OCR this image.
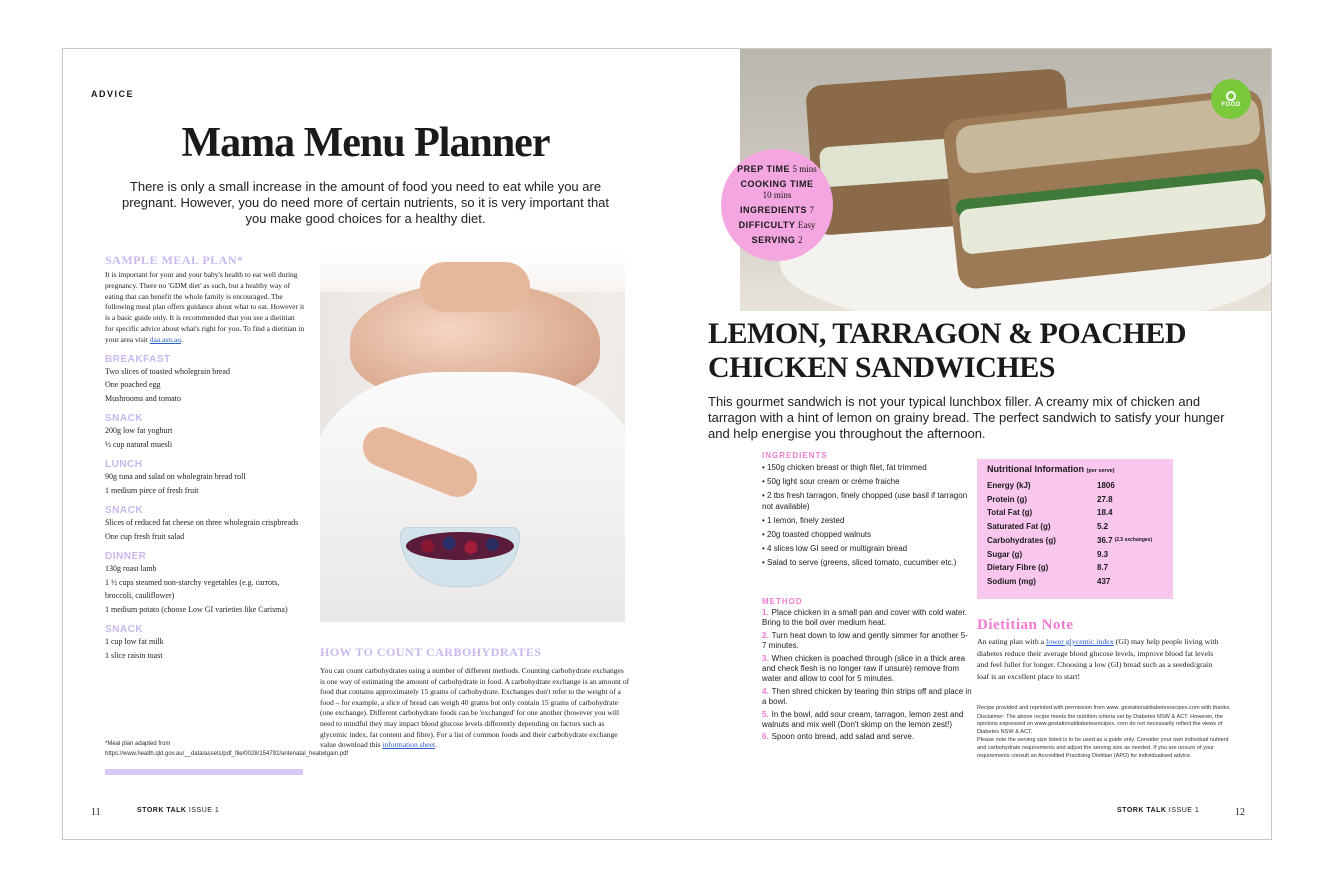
ADVICE
Mama Menu Planner

There is only a small increase in the amount of food you need to eat while you are pregnant. However, you do need more of certain nutrients, so it is very important that you make good choices for a healthy diet.

SAMPLE MEAL PLAN*

It is important for your and your baby's health to eat well during pregnancy. There no 'GDM diet' as such, but a healthy way of eating that can benefit the whole family is encouraged. The following meal plan offers guidance about what to eat. However it is a basic guide only. It is recommended that you see a dietitian for specific advice about what's right for you. To find a dietitian in your area visit daa.asn.au.

BREAKFAST
Two slices of toasted wholegrain bread
One poached egg
Mushrooms and tomato
SNACK
200g low fat yoghurt
½ cup natural muesli
LUNCH
90g tuna and salad on wholegrain bread roll
1 medium piece of fresh fruit
SNACK
Slices of reduced fat cheese on three wholegrain crispbreads
One cup fresh fruit salad
DINNER
130g roast lamb
1 ½ cups steamed non-starchy vegetables (e.g. carrots, broccoli, cauliflower)
1 medium potato (choose Low GI varieties like Carisma)
SNACK
1 cup low fat milk
1 slice raisin toast
*Meal plan adapted from https://www.health.qld.gov.au/__data/assets/pdf_file/0028/154792/antenatal_heatwtgain.pdf
HOW TO COUNT CARBOHYDRATES

You can count carbohydrates using a number of different methods. Counting carbohydrate exchanges is one way of estimating the amount of carbohydrate in food. A carbohydrate exchange is an amount of food that contains approximately 15 grams of carbohydrate. Exchanges don't refer to the weight of a food – for example, a slice of bread can weigh 40 grams but only contain 15 grams of carbohydrate (one exchange). Different carbohydrate foods can be 'exchanged' for one another (however you will need to mindful they may impact blood glucose levels differently depending on factors such as glycemic index, fat content and fibre). For a list of common foods and their carbohydrate exchange value download this information sheet.

11	STORK TALK ISSUE 1
FOOD
PREP TIME 5 mins
COOKING TIME
10 mins
INGREDIENTS 7
DIFFICULTY Easy
SERVING 2
LEMON, TARRAGON & POACHED
CHICKEN SANDWICHES

This gourmet sandwich is not your typical lunchbox filler. A creamy mix of chicken and tarragon with a hint of lemon on grainy bread. The perfect sandwich to satisfy your hunger and help energise you throughout the afternoon.

INGREDIENTS
• 150g chicken breast or thigh filet, fat trimmed
• 50g light sour cream or crème fraiche
• 2 tbs fresh tarragon, finely chopped (use basil if tarragon not available)
• 1 lemon, finely zested
• 20g toasted chopped walnuts
• 4 slices low GI seed or multigrain bread
• Salad to serve (greens, sliced tomato, cucumber etc.)
Nutritional Information (per serve)
Energy (kJ)	1806
Protein (g)	27.8
Total Fat (g)	18.4
Saturated Fat (g)	5.2
Carbohydrates (g)	36.7 (2.5 exchanges)
Sugar (g)	9.3
Dietary Fibre (g)	8.7
Sodium (mg)	437
METHOD
1. Place chicken in a small pan and cover with cold water. Bring to the boil over medium heat.
2. Turn heat down to low and gently simmer for another 5-7 minutes.
3. When chicken is poached through (slice in a thick area and check flesh is no longer raw if unsure) remove from water and allow to cool for 5 minutes.
4. Then shred chicken by tearing thin strips off and place in a bowl.
5. In the bowl, add sour cream, tarragon, lemon zest and walnuts and mix well (Don't skimp on the lemon zest!)
6. Spoon onto bread, add salad and serve.
Dietitian Note

An eating plan with a lower glycemic index (GI) may help people living with diabetes reduce their average blood glucose levels, improve blood fat levels and feel fuller for longer. Choosing a low (GI) bread such as a seeded/grain loaf is an excellent place to start!

Recipe provided and reprinted with permission from www. gestationaldiabetesrecipes.com with thanks.

Disclaimer: The above recipe meets the nutrition criteria set by Diabetes NSW & ACT. However, the opinions expressed on www.gestationaldiabetesrecipes. com do not necessarily reflect the views of Diabetes NSW & ACT.

Please note the serving size listed is to be used as a guide only. Consider your own individual nutrient and carbohydrate requirements and adjust the serving size as needed. If you are unsure of your requirements consult an Accredited Practising Dietitian (APD) for individualised advice.

STORK TALK ISSUE 1	12
